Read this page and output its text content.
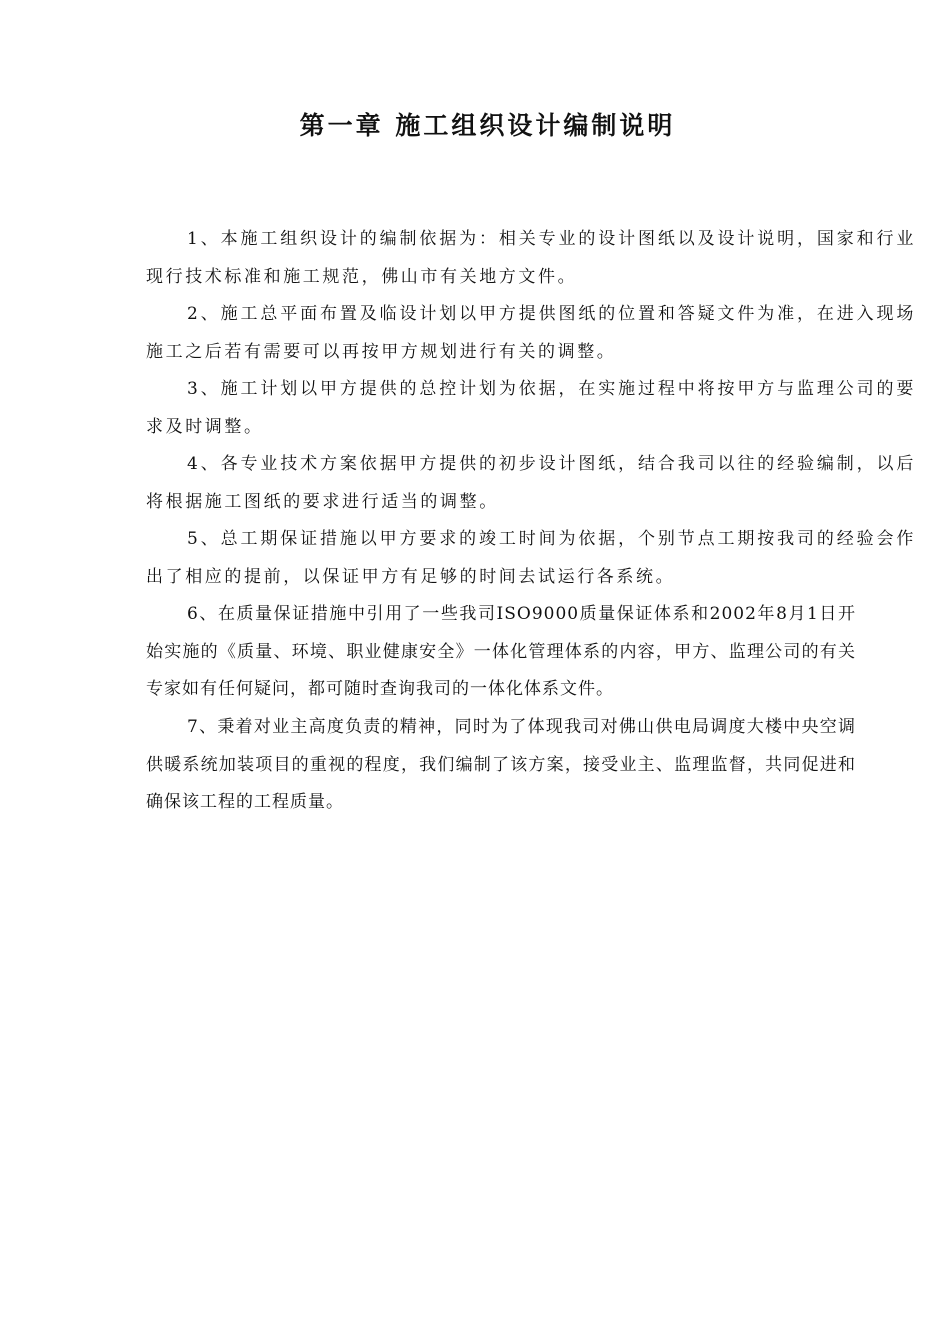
第一章 施工组织设计编制说明

1、本施工组织设计的编制依据为：相关专业的设计图纸以及设计说明，国家和行业现行技术标准和施工规范，佛山市有关地方文件。

2、施工总平面布置及临设计划以甲方提供图纸的位置和答疑文件为准，在进入现场施工之后若有需要可以再按甲方规划进行有关的调整。

3、施工计划以甲方提供的总控计划为依据，在实施过程中将按甲方与监理公司的要求及时调整。

4、各专业技术方案依据甲方提供的初步设计图纸，结合我司以往的经验编制，以后将根据施工图纸的要求进行适当的调整。

5、总工期保证措施以甲方要求的竣工时间为依据，个别节点工期按我司的经验会作出了相应的提前，以保证甲方有足够的时间去试运行各系统。

6、在质量保证措施中引用了一些我司ISO9000质量保证体系和2002年8月1日开始实施的《质量、环境、职业健康安全》一体化管理体系的内容，甲方、监理公司的有关专家如有任何疑问，都可随时查询我司的一体化体系文件。

7、秉着对业主高度负责的精神，同时为了体现我司对佛山供电局调度大楼中央空调供暖系统加装项目的重视的程度，我们编制了该方案，接受业主、监理监督，共同促进和确保该工程的工程质量。
